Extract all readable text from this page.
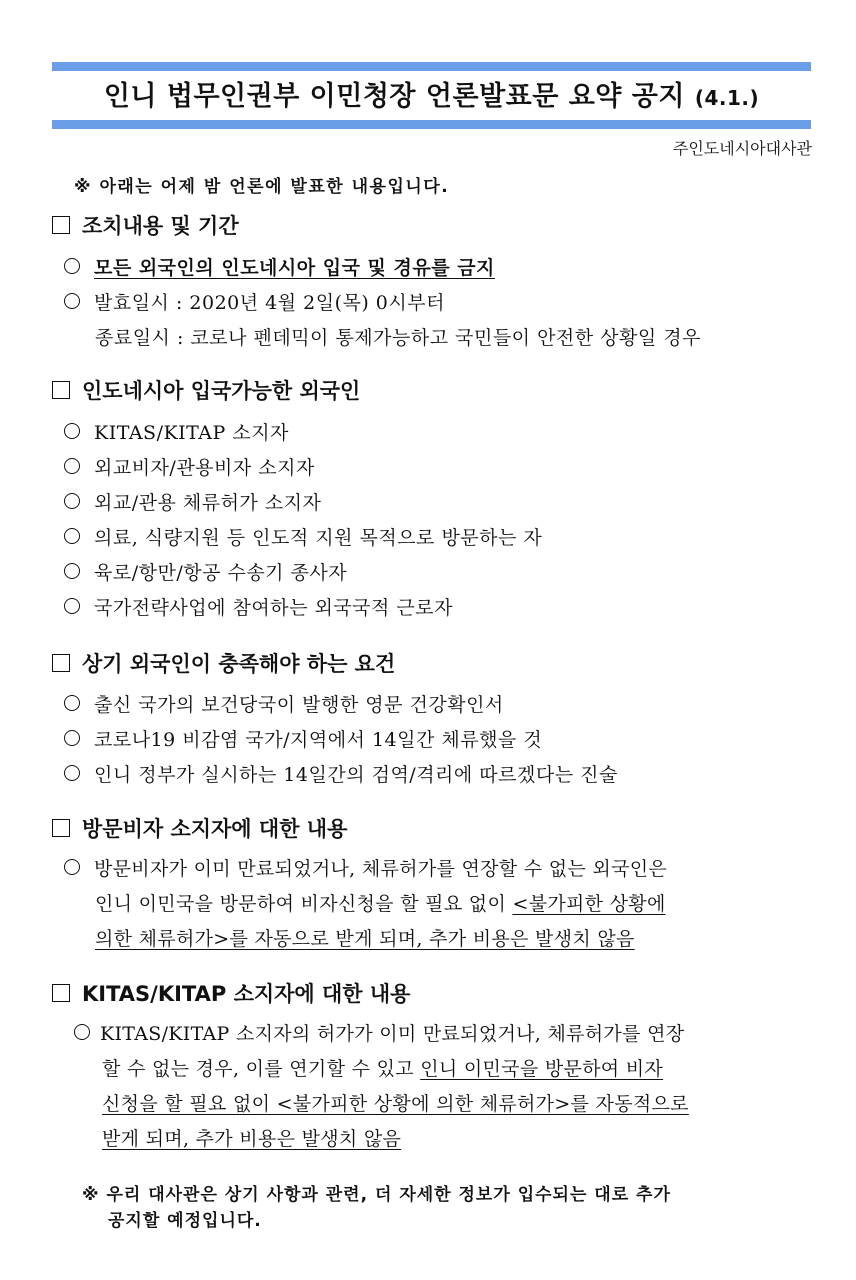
인니 법무인권부 이민청장 언론발표문 요약 공지 (4.1.)
주인도네시아대사관
※ 아래는 어제 밤 언론에 발표한 내용입니다.
조치내용 및 기간
모든 외국인의 인도네시아 입국 및 경유를 금지
발효일시 : 2020년 4월 2일(목) 0시부터
종료일시 : 코로나 펜데믹이 통제가능하고 국민들이 안전한 상황일 경우
인도네시아 입국가능한 외국인
KITAS/KITAP 소지자
외교비자/관용비자 소지자
외교/관용 체류허가 소지자
의료, 식량지원 등 인도적 지원 목적으로 방문하는 자
육로/항만/항공 수송기 종사자
국가전략사업에 참여하는 외국국적 근로자
상기 외국인이 충족해야 하는 요건
출신 국가의 보건당국이 발행한 영문 건강확인서
코로나19 비감염 국가/지역에서 14일간 체류했을 것
인니 정부가 실시하는 14일간의 검역/격리에 따르겠다는 진술
방문비자 소지자에 대한 내용
방문비자가 이미 만료되었거나, 체류허가를 연장할 수 없는 외국인은
인니 이민국을 방문하여 비자신청을 할 필요 없이 <불가피한 상황에
의한 체류허가>를 자동으로 받게 되며, 추가 비용은 발생치 않음
KITAS/KITAP 소지자에 대한 내용
KITAS/KITAP 소지자의 허가가 이미 만료되었거나, 체류허가를 연장
할 수 없는 경우, 이를 연기할 수 있고 인니 이민국을 방문하여 비자
신청을 할 필요 없이 <불가피한 상황에 의한 체류허가>를 자동적으로
받게 되며, 추가 비용은 발생치 않음
※ 우리 대사관은 상기 사항과 관련, 더 자세한 정보가 입수되는 대로 추가
공지할 예정입니다.
